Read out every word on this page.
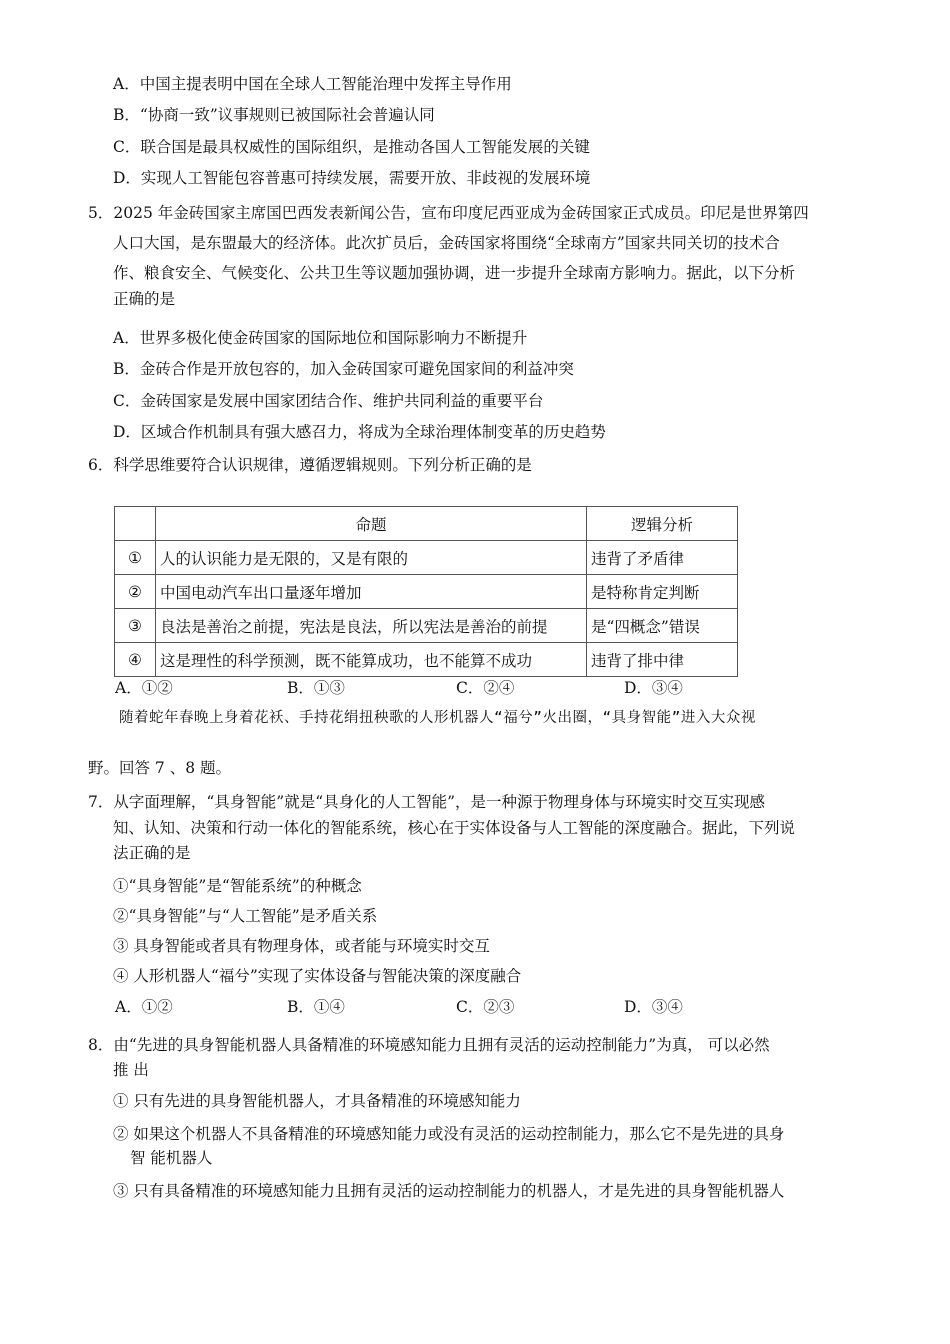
A．中国主提表明中国在全球人工智能治理中发挥主导作用
B．“协商一致”议事规则已被国际社会普遍认同
C．联合国是最具权威性的国际组织，是推动各国人工智能发展的关键
D．实现人工智能包容普惠可持续发展，需要开放、非歧视的发展环境
5．2025 年金砖国家主席国巴西发表新闻公告，宣布印度尼西亚成为金砖国家正式成员。印尼是世界第四
人口大国，是东盟最大的经济体。此次扩员后，金砖国家将围绕“全球南方”国家共同关切的技术合
作、粮食安全、气候变化、公共卫生等议题加强协调，进一步提升全球南方影响力。据此，以下分析
正确的是
A．世界多极化使金砖国家的国际地位和国际影响力不断提升
B．金砖合作是开放包容的，加入金砖国家可避免国家间的利益冲突
C．金砖国家是发展中国家团结合作、维护共同利益的重要平台
D．区域合作机制具有强大感召力，将成为全球治理体制变革的历史趋势
6．科学思维要符合认识规律，遵循逻辑规则。下列分析正确的是
	命题	逻辑分析
①	人的认识能力是无限的，又是有限的	违背了矛盾律
②	中国电动汽车出口量逐年增加	是特称肯定判断
③	良法是善治之前提，宪法是良法，所以宪法是善治的前提	是“四概念”错误
④	这是理性的科学预测，既不能算成功，也不能算不成功	违背了排中律
A．①②	B．①③	C．②④	D．③④
随着蛇年春晚上身着花袄、手持花绢扭秧歌的人形机器人“福兮”火出圈，“具身智能”进入大众视
野。回答 7 、8 题。
7．从字面理解，“具身智能”就是“具身化的人工智能”，是一种源于物理身体与环境实时交互实现感
知、认知、决策和行动一体化的智能系统，核心在于实体设备与人工智能的深度融合。据此，下列说
法正确的是
①“具身智能”是“智能系统”的种概念
②“具身智能”与“人工智能”是矛盾关系
③ 具身智能或者具有物理身体，或者能与环境实时交互
④ 人形机器人“福兮”实现了实体设备与智能决策的深度融合
A．①②	B．①④	C．②③	D．③④
8．由“先进的具身智能机器人具备精准的环境感知能力且拥有灵活的运动控制能力”为真， 可以必然
推 出
① 只有先进的具身智能机器人，才具备精准的环境感知能力
② 如果这个机器人不具备精准的环境感知能力或没有灵活的运动控制能力，那么它不是先进的具身
智 能机器人
③ 只有具备精准的环境感知能力且拥有灵活的运动控制能力的机器人，才是先进的具身智能机器人
